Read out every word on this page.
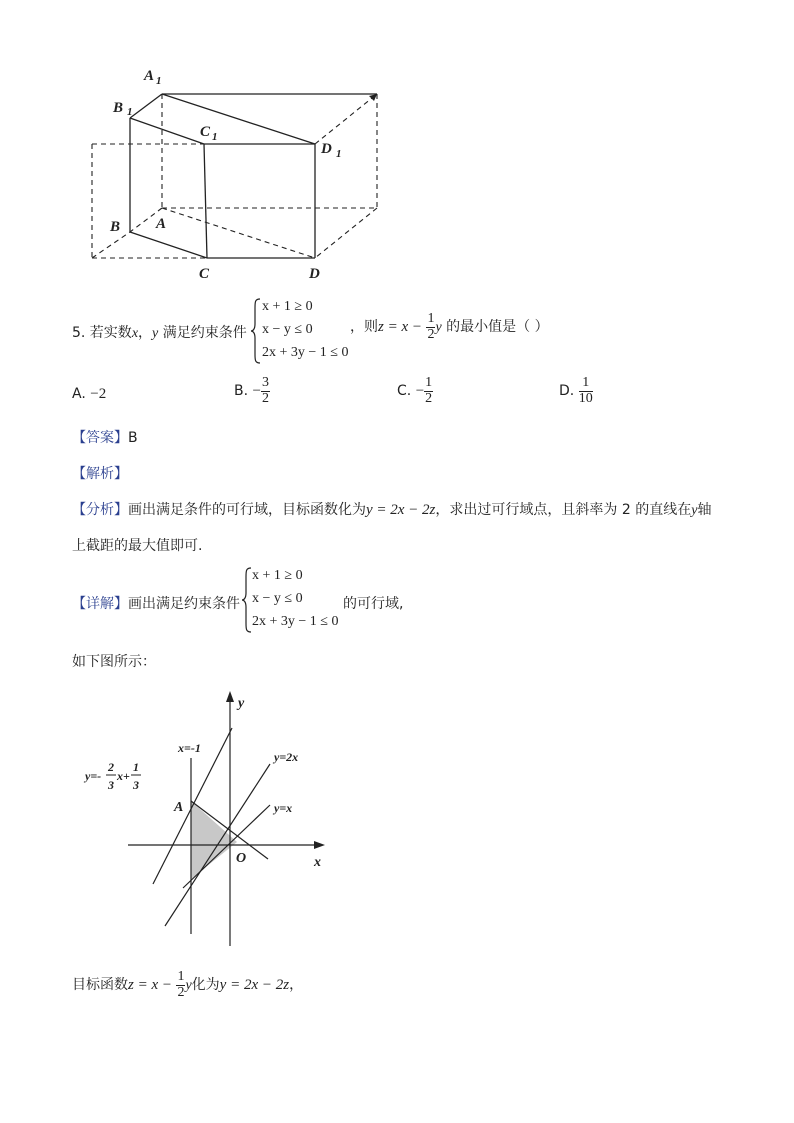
A 1
B 1
C 1
D 1
A
B
C	D
5. 若实数x，y 满足约束条件
x + 1 ≥ 0
x − y ≤ 0
2x + 3y − 1 ≤ 0
，则$z = x - \frac{1}{2}$ y 的最小值是（ ）
A. −2	B. − $\frac{3}{2}$	C. − $\frac{1}{2}$	D. $\frac{1}{10}$
【答案】B
【解析】
【分析】画出满足条件的可行域，目标函数化为y = 2x − 2z，求出过可行域点，且斜率为 2 的直线在y轴
上截距的最大值即可.
【详解】画出满足约束条件
x + 1 ≥ 0
x − y ≤ 0
2x + 3y − 1 ≤ 0
的可行域,
如下图所示：
y
x
O
A
x=-1
y=2x
y=x
y=-
2
3
x+
1
3
目标函数$z = x - \frac{1}{2}$ y化为y = 2x − 2z，
